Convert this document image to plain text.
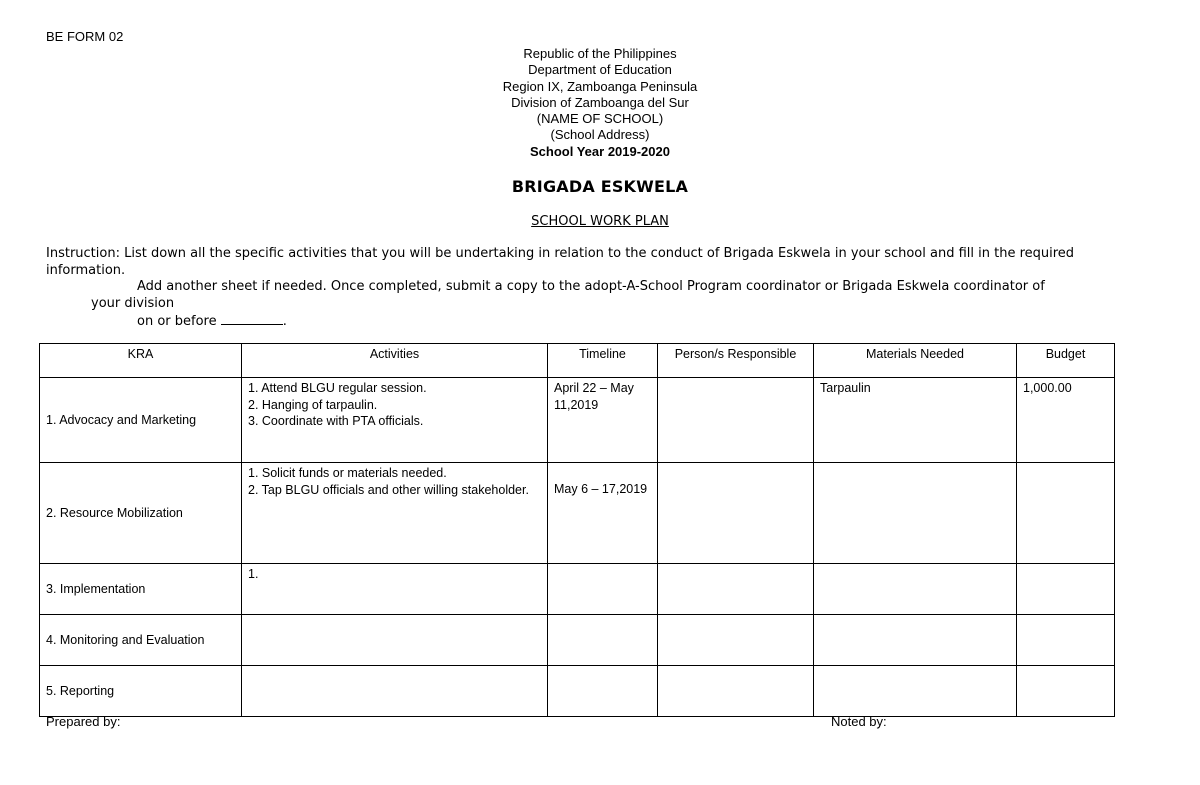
BE FORM 02
Republic of the Philippines
Department of Education
Region IX, Zamboanga Peninsula
Division of Zamboanga del Sur
(NAME OF SCHOOL)
(School Address)
School Year 2019-2020
BRIGADA ESKWELA
SCHOOL WORK PLAN
Instruction: List down all the specific activities that you will be undertaking in relation to the conduct of Brigada Eskwela in your school and fill in the required information.
Add another sheet if needed. Once completed, submit a copy to the adopt-A-School Program coordinator or Brigada Eskwela coordinator of
your division
on or before	.
KRA	Activities	Timeline	Person/s Responsible	Materials Needed	Budget
1. Advocacy and Marketing	1. Attend BLGU regular session.
2. Hanging of tarpaulin.
3. Coordinate with PTA officials.	April 22 – May 11,2019		Tarpaulin	1,000.00
2. Resource Mobilization	1. Solicit funds or materials needed.
2. Tap BLGU officials and other willing stakeholder.	May 6 – 17,2019			
3. Implementation	1.				

4. Monitoring and Evaluation					
5. Reporting					
Prepared by:	Noted by:
